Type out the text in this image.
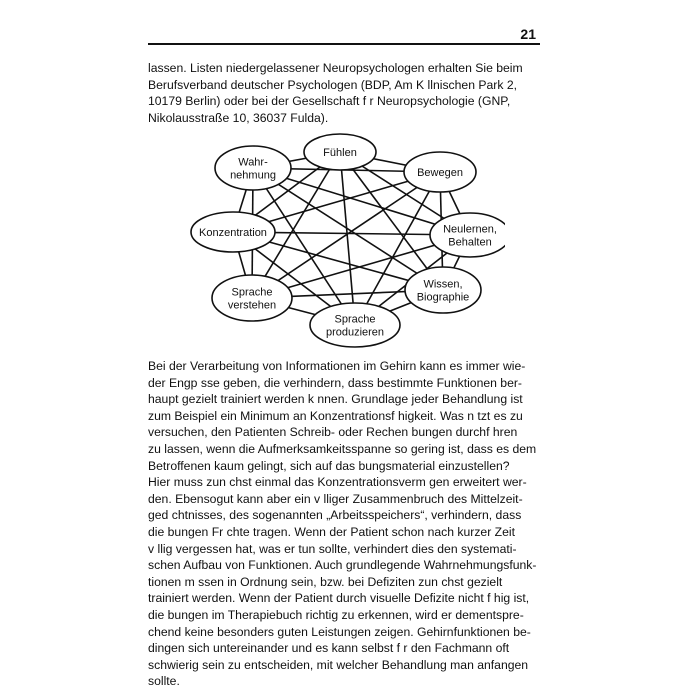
21
lassen. Listen niedergelassener Neuropsychologen erhalten Sie beim
Berufsverband deutscher Psychologen (BDP, Am K llnischen Park 2,
10179 Berlin) oder bei der Gesellschaft f r Neuropsychologie (GNP,
Nikolausstraße 10, 36037 Fulda).
Fühlen
Bewegen
Neulernen,
Behalten
Wissen,
Biographie
Sprache
produzieren
Sprache
verstehen
Konzentration
Wahr-
nehmung
Bei der Verarbeitung von Informationen im Gehirn kann es immer wie-
der Engp sse geben, die verhindern, dass bestimmte Funktionen ber-
haupt gezielt trainiert werden k nnen. Grundlage jeder Behandlung ist
zum Beispiel ein Minimum an Konzentrationsf higkeit. Was n tzt es zu
versuchen, den Patienten Schreib- oder Rechen bungen durchf hren
zu lassen, wenn die Aufmerksamkeitsspanne so gering ist, dass es dem
Betroffenen kaum gelingt, sich auf das bungsmaterial einzustellen?
Hier muss zun chst einmal das Konzentrationsverm gen erweitert wer-
den. Ebensogut kann aber ein v lliger Zusammenbruch des Mittelzeit-
ged chtnisses, des sogenannten „Arbeitsspeichers“, verhindern, dass
die bungen Fr chte tragen. Wenn der Patient schon nach kurzer Zeit
v llig vergessen hat, was er tun sollte, verhindert dies den systemati-
schen Aufbau von Funktionen. Auch grundlegende Wahrnehmungsfunk-
tionen m ssen in Ordnung sein, bzw. bei Defiziten zun chst gezielt
trainiert werden. Wenn der Patient durch visuelle Defizite nicht f hig ist,
die bungen im Therapiebuch richtig zu erkennen, wird er dementspre-
chend keine besonders guten Leistungen zeigen. Gehirnfunktionen be-
dingen sich untereinander und es kann selbst f r den Fachmann oft
schwierig sein zu entscheiden, mit welcher Behandlung man anfangen
sollte.
